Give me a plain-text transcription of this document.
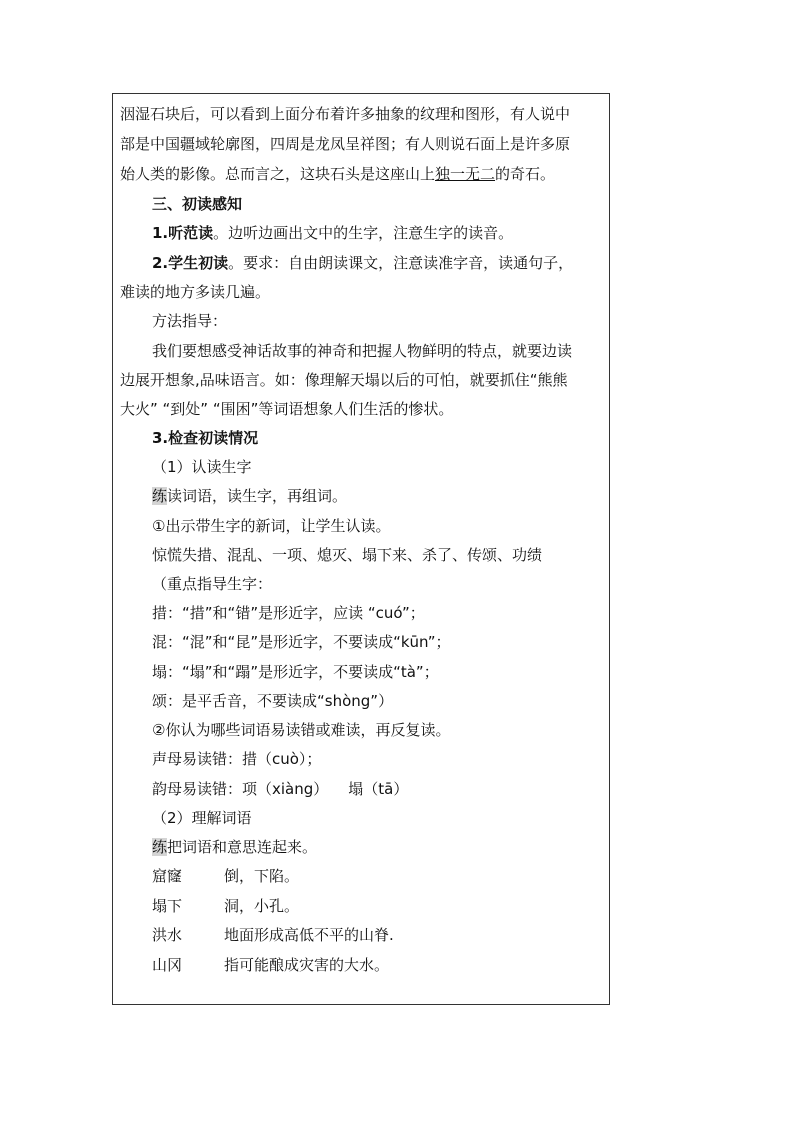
洇湿石块后，可以看到上面分布着许多抽象的纹理和图形，有人说中
部是中国疆域轮廓图，四周是龙凤呈祥图；有人则说石面上是许多原
始人类的影像。总而言之，这块石头是这座山上独一无二的奇石。
三、初读感知
1.听范读。边听边画出文中的生字，注意生字的读音。
2.学生初读。要求：自由朗读课文，注意读准字音，读通句子，
难读的地方多读几遍。
方法指导：
我们要想感受神话故事的神奇和把握人物鲜明的特点，就要边读
边展开想象,品味语言。如：像理解天塌以后的可怕，就要抓住“熊熊
大火” “到处” “围困”等词语想象人们生活的惨状。
3.检查初读情况
（1）认读生字
练读词语，读生字，再组词。
①出示带生字的新词，让学生认读。
惊慌失措、混乱、一项、熄灭、塌下来、杀了、传颂、功绩
（重点指导生字：
措：“措”和“错”是形近字，应读 “cuó”；
混：“混”和“昆”是形近字，不要读成“kūn”；
塌：“塌”和“蹋”是形近字，不要读成“tà”；
颂：是平舌音，不要读成“shòng”）
②你认为哪些词语易读错或难读，再反复读。
声母易读错：措（cuò）；
韵母易读错：项（xiàng） 塌（tā）
（2）理解词语
练把词语和意思连起来。
窟窿	倒，下陷。
塌下	洞，小孔。
洪水	地面形成高低不平的山脊.
山冈	指可能酿成灾害的大水。
